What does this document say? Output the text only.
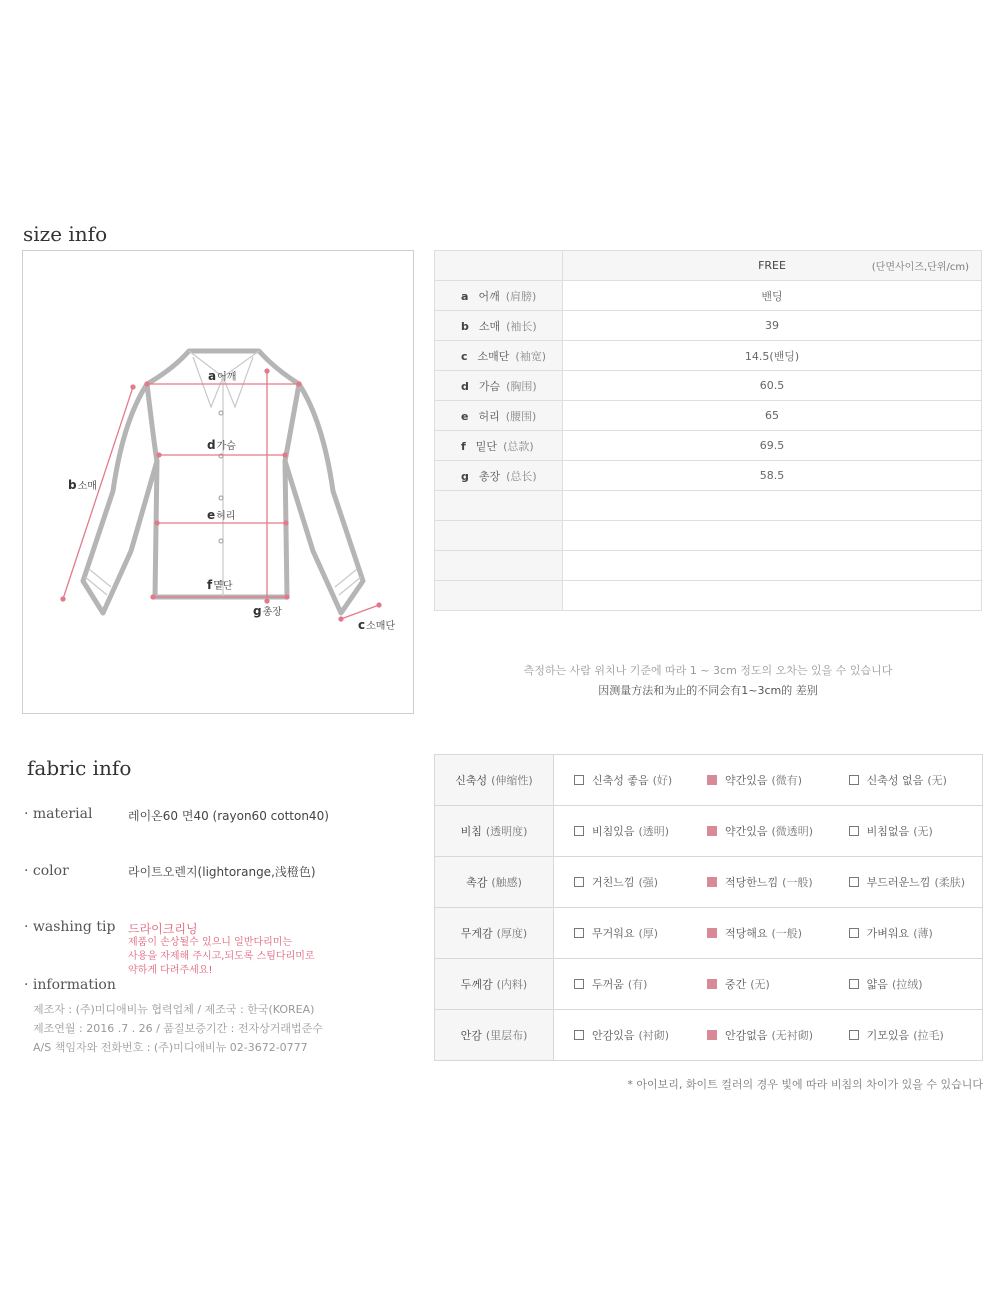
size info
a어깨
b소매
c소매단
d가슴
e허리
f밑단
g총장
	FREE (단면사이즈,단위/cm)

a 어깨 (肩膀)	밴딩
b 소매 (袖长)	39
c 소매단 (袖宽)	14.5(밴딩)
d 가슴 (胸围)	60.5
e 허리 (腰围)	65
f 밑단 (总款)	69.5
g 총장 (总长)	58.5

측정하는 사람 위치나 기준에 따라 1 ~ 3cm 정도의 오차는 있을 수 있습니다
因测量方法和为止的不同会有1~3cm的 差别
fabric info
· material	레이온60 면40 (rayon60 cotton40)
· color	라이트오렌지(lightorange,浅橙色)
· washing tip 드라이크리닝
제품이 손상될수 있으니 일반다리미는
사용을 자제해 주시고,되도록 스팀다리미로
약하게 다려주세요!
· information
제조자 : (주)미디애비뉴 협력업체 / 제조국 : 한국(KOREA)
제조연월 : 2016 .7 . 26 / 품질보증기간 : 전자상거래법준수
A/S 책임자와 전화번호 : (주)미디애비뉴 02-3672-0777
신축성 (伸缩性)	신축성 좋음 (好)	약간있음 (微有)	신축성 없음 (无)
비침 (透明度)	비침있음 (透明)	약간있음 (微透明)	비침없음 (无)
촉감 (触感)	거친느낌 (强)	적당한느낌 (一般)	부드러운느낌 (柔肤)
무게감 (厚度)	무거워요 (厚)	적당해요 (一般)	가벼워요 (薄)
두께감 (内料)	두꺼움 (有)	중간 (无)	얇음 (拉绒)
안감 (里层布)	안감있음 (衬砌)	안감없음 (无衬砌)	기모있음 (拉毛)
* 아이보리, 화이트 컬러의 경우 빛에 따라 비침의 차이가 있을 수 있습니다
